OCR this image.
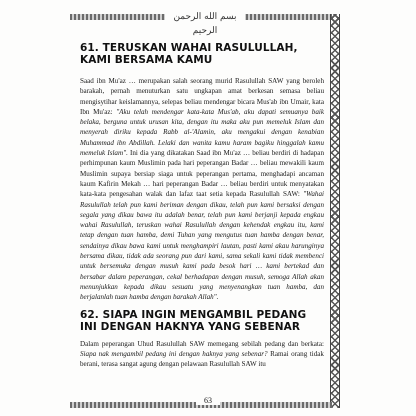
بسم الله الرحمن الرحيم
61. TERUSKAN WAHAI RASULULLAH, KAMI BERSAMA KAMU

Saad ibn Mu'az … merupakan salah seorang murid Rasulullah SAW yang beroleh barakah, pernah menuturkan satu ungkapan amat berkesan semasa beliau mengisytihar keislamannya, selepas beliau mendengar bicara Mus'ab ibn Umair, kata Ibn Mu'az: "Aku telah mendengar kata-kata Mus'ab, aku dapati semuanya baik belaka, berguna untuk urusan kita, dengan itu maka aku pun memeluk Islam dan menyerah diriku kepada Rabb al-'Alamin, aku mengakui dengan kenabian Muhammad ibn Abdillah. Lelaki dan wanita kamu haram bagiku hinggalah kamu memeluk Islam". Ini dia yang dikatakan Saad ibn Mu'az … beliau berdiri di hadapan perhimpunan kaum Muslimin pada hari peperangan Badar … beliau mewakili kaum Muslimin supaya bersiap siaga untuk peperangan pertama, menghadapi ancaman kaum Kafirin Mekah … hari peperangan Badar … beliau berdiri untuk menyatakan kata-kata pengesahan walak dan lafaz taat setia kepada Rasulullah SAW: "Wahai Rasulullah telah pun kami beriman dengan dikau, telah pun kami bersaksi dengan segala yang dikau bawa itu adalah benar, telah pun kami berjanji kepada engkau wahai Rasulullah, teruskan wahai Rasulullah dengan kehendak engkau itu, kami tetap dengan tuan hamba, demi Tuhan yang mengutus tuan hamba dengan benar, sendainya dikau bawa kami untuk menghampiri lautan, pasti kami akau harunginya bersama dikau, tidak ada seorang pun dari kami, sama sekali kami tidak membenci untuk bersemuka dengan musuh kami pada besok hari … kami bertekad dan bersabar dalam peperangan, cekal berhadapan dengan musuh, semoga Allah akan menunjukkan kepada dikau sesuatu yang menyenangkan tuan hamba, dan berjalanlah tuan hamba dengan barakah Allah".

62. SIAPA INGIN MENGAMBIL PEDANG INI DENGAN HAKNYA YANG SEBENAR

Dalam peperangan Uhud Rasulullah SAW memegang sebilah pedang dan berkata: Siapa nak mengambil pedang ini dengan haknya yang sebenar? Ramai orang tidak berani, terasa sangat agung dengan pelawaan Rasulullah SAW itu

63
